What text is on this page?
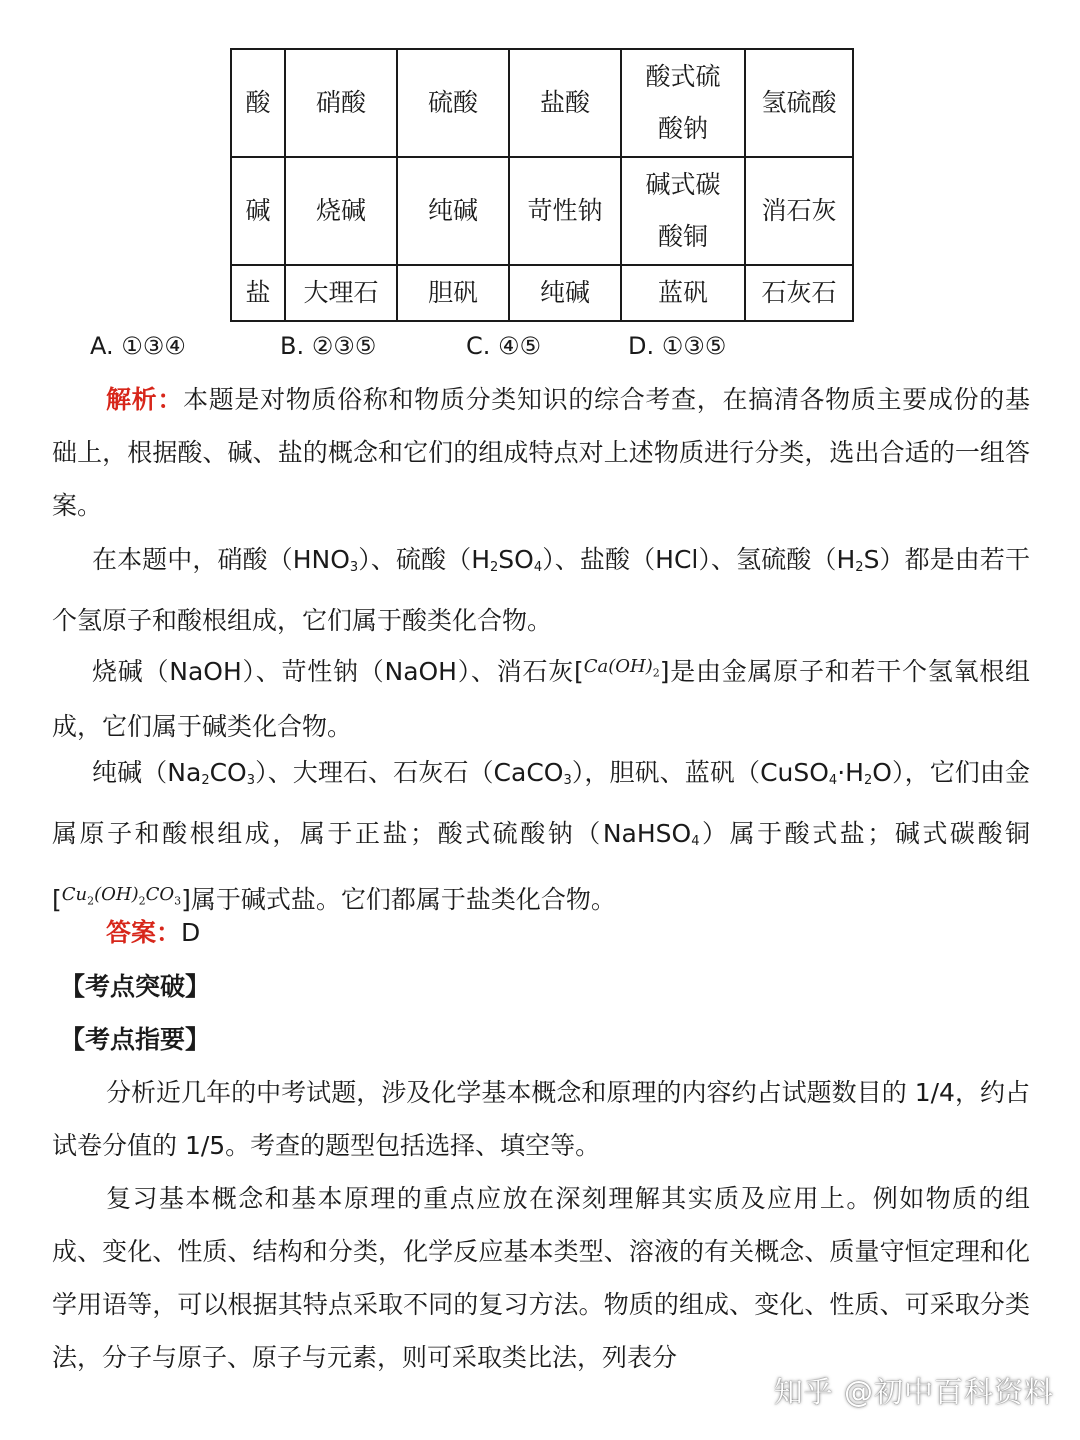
酸	硝酸	硫酸	盐酸	酸式硫酸钠	氢硫酸
碱	烧碱	纯碱	苛性钠	碱式碳酸铜	消石灰
盐	大理石	胆矾	纯碱	蓝矾	石灰石
A. ①③④	B. ②③⑤	C. ④⑤	D. ①③⑤

解析：本题是对物质俗称和物质分类知识的综合考查，在搞清各物质主要成份的基础上，根据酸、碱、盐的概念和它们的组成特点对上述物质进行分类，选出合适的一组答案。

在本题中，硝酸$(HNO_3)$、硫酸$(H_2SO_4)$、盐酸（HCl）、氢硫酸$(H_2S)$都是由若干个氢原子和酸根组成，它们属于酸类化合物。

烧碱（NaOH）、苛性钠（NaOH）、消石灰[$^{Ca(OH)_2}$]是由金属原子和若干个氢氧根组成，它们属于碱类化合物。

纯碱$(Na_2CO_3)$、大理石、石灰石（CaCO$_3$），胆矾、蓝矾$(CuSO_4\cdot H_2O)$，它们由金属原子和酸根组成，属于正盐；酸式硫酸钠（NaHSO$_4$）属于酸式盐；碱式碳酸铜[$^{Cu_2(OH)_2CO_3}$]属于碱式盐。它们都属于盐类化合物。

答案：D

【考点突破】
【考点指要】

分析近几年的中考试题，涉及化学基本概念和原理的内容约占试题数目的 1/4，约占试卷分值的 1/5。考查的题型包括选择、填空等。

复习基本概念和基本原理的重点应放在深刻理解其实质及应用上。例如物质的组成、变化、性质、结构和分类，化学反应基本类型、溶液的有关概念、质量守恒定理和化学用语等，可以根据其特点采取不同的复习方法。物质的组成、变化、性质、可采取分类法，分子与原子、原子与元素，则可采取类比法，列表分

知乎 @初中百科资料
